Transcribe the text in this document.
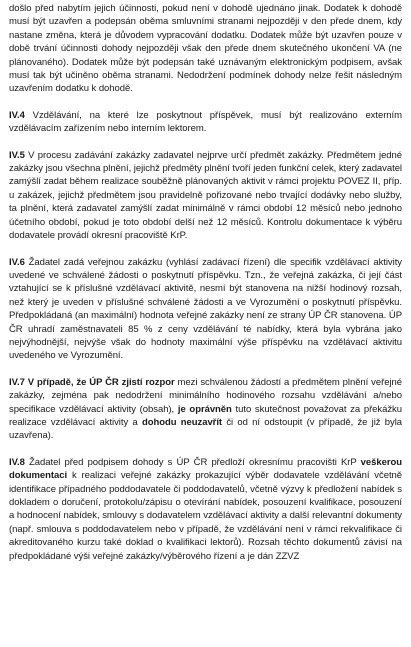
došlo před nabytím jejich účinnosti, pokud není v dohodě ujednáno jinak. Dodatek k dohodě musí být uzavřen a podepsán oběma smluvními stranami nejpozději v den přede dnem, kdy nastane změna, která je důvodem vypracování dodatku. Dodatek může být uzavřen pouze v době trvání účinnosti dohody nejpozději však den přede dnem skutečného ukončení VA (ne plánovaného). Dodatek může být podepsán také uznávaným elektronickým podpisem, avšak musí tak být učiněno oběma stranami. Nedodržení podmínek dohody nelze řešit následným uzavřením dodatku k dohodě.

IV.4 Vzdělávání, na které lze poskytnout příspěvek, musí být realizováno externím vzdělávacím zařízením nebo interním lektorem.

IV.5 V procesu zadávání zakázky zadavatel nejprve určí předmět zakázky. Předmětem jedné zakázky jsou všechna plnění, jejichž předměty plnění tvoří jeden funkční celek, který zadavatel zamýšlí zadat během realizace souběžně plánovaných aktivit v rámci projektu POVEZ II, příp. u zakázek, jejichž předmětem jsou pravidelně pořizované nebo trvající dodávky nebo služby, ta plnění, která zadavatel zamýšlí zadat minimálně v rámci období 12 měsíců nebo jednoho účetního období, pokud je toto období delší než 12 měsíců. Kontrolu dokumentace k výběru dodavatele provádí okresní pracoviště KrP.

IV.6 Žadatel zadá veřejnou zakázku (vyhlásí zadávací řízení) dle specifik vzdělávací aktivity uvedené ve schválené žádosti o poskytnutí příspěvku. Tzn., že veřejná zakázka, či její část vztahující se k příslušné vzdělávací aktivitě, nesmí být stanovena na nižší hodinový rozsah, než který je uveden v příslušné schválené žádosti a ve Vyrozumění o poskytnutí příspěvku. Předpokládaná (an maximální) hodnota veřejné zakázky není ze strany ÚP ČR stanovena. ÚP ČR uhradí zaměstnavateli 85 % z ceny vzdělávání té nabídky, která byla vybrána jako nejvýhodnější, nejvýše však do hodnoty maximální výše příspěvku na vzdělávací aktivitu uvedeného ve Vyrozumění.

IV.7 V případě, že ÚP ČR zjistí rozpor mezi schválenou žádostí a předmětem plnění veřejné zakázky, zejména pak nedodržení minimálního hodinového rozsahu vzdělávání a/nebo specifikace vzdělávací aktivity (obsah), je oprávněn tuto skutečnost považovat za překážku realizace vzdělávací aktivity a dohodu neuzavřít či od ní odstoupit (v případě, že již byla uzavřena).

IV.8 Žadatel před podpisem dohody s ÚP ČR předloží okresnímu pracovišti KrP veškerou dokumentaci k realizaci veřejné zakázky prokazující výběr dodavatele vzdělávání včetně identifikace případného poddodavatele či poddodavatelů, včetně výzvy k předložení nabídek s dokladem o doručení, protokolu/zápisu o otevírání nabídek, posouzení kvalifikace, posouzení a hodnocení nabídek, smlouvy s dodavatelem vzdělávací aktivity a další relevantní dokumenty (např. smlouva s poddodavatelem nebo v případě, že vzdělávání není v rámci rekvalifikace či akreditovaného kurzu také doklad o kvalifikaci lektorů). Rozsah těchto dokumentů závisí na předpokládané výši veřejné zakázky/výběrového řízení a je dán ZZVZ
